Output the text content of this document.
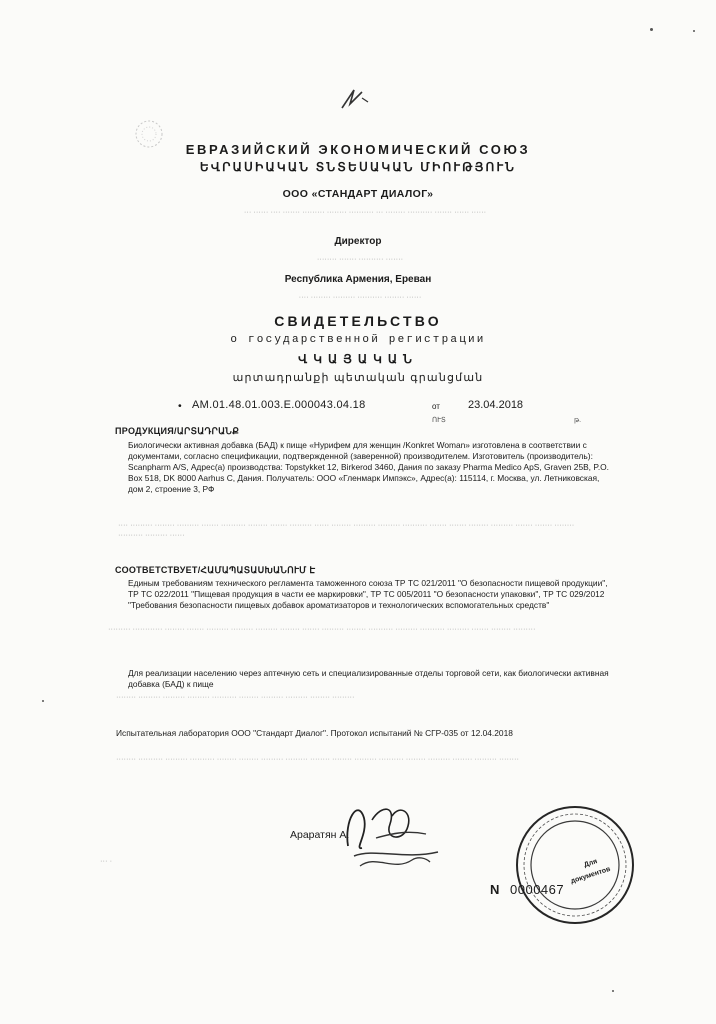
ЕВРАЗИЙСКИЙ ЭКОНОМИЧЕСКИЙ СОЮЗ
ԵՎՐԱՍԻԱԿԱՆ ՏՆՏԵՍԱԿԱՆ ՄԻՈՒԹՅՈՒՆ
ООО «СТАНДАРТ ДИАЛОГ»
··· ······ ···· ······· ········· ········ ·········· ··· ········ ·········· ······· ······ ······
Директор
········ ······· ·········· ·······
Республика Армения, Ереван
···· ········ ········· ·········· ········ ······
СВИДЕТЕЛЬСТВО
о государственной регистрации
ՎԿԱՅԱԿԱՆ
արտադրանքի պետական գրանցման
• AM.01.48.01.003.E.000043.04.18	от	23.04.2018
ՈՒՏ	թ.
ПРОДУКЦИЯ/ԱՐՏԱԴՐԱՆՔ
Биологически активная добавка (БАД) к пище «Нурифем для женщин /Konkret Woman» изготовлена в соответствии с документами, согласно спецификации, подтвержденной (заверенной) производителем. Изготовитель (производитель): Scanpharm A/S, Адрес(а) производства: Topstykket 12, Birkerod 3460, Дания по заказу Pharma Medico ApS, Graven 25B, P.O. Box 518, DK 8000 Aarhus C, Дания. Получатель: ООО «Гленмарк Импэкс», Адрес(а): 115114, г. Москва, ул. Летниковская, дом 2, строение 3, РФ
···· ········· ········ ········· ······· ·········· ········ ······· ········· ······ ········ ········· ········· ·········· ······· ······· ········ ········· ······· ······· ········ ·········· ········· ······
СООТВЕТСТВУЕТ/ՀԱՄԱՊԱՏԱՍԽԱՆՈՒՄ Է
Единым требованиям технического регламента таможенного союза ТР ТС 021/2011 "О безопасности пищевой продукции", ТР ТС 022/2011 "Пищевая продукция в части ее маркировки", ТР ТС 005/2011 "О безопасности упаковки", ТР ТС 029/2012 "Требования безопасности пищевых добавок ароматизаторов и технологических вспомогательных средств"
········· ············ ········ ······· ········· ········· ········· ········ ······· ········· ········ ·········· ········· ·········· ········· ······· ········ ·········
Для реализации населению через аптечную сеть и специализированные отделы торговой сети, как биологически активная добавка (БАД) к пище
········ ········· ········· ········· ·········· ········ ········· ········· ········ ·········
Испытательная лаборатория ООО "Стандарт Диалог". Протокол испытаний № СГР-035 от 12.04.2018
········ ·········· ········· ·········· ········ ········ ········· ········· ········ ········ ········· ·········· ········ ········· ········ ········· ········
Араратян А.
Для
документов
N 0000467
··· ·
